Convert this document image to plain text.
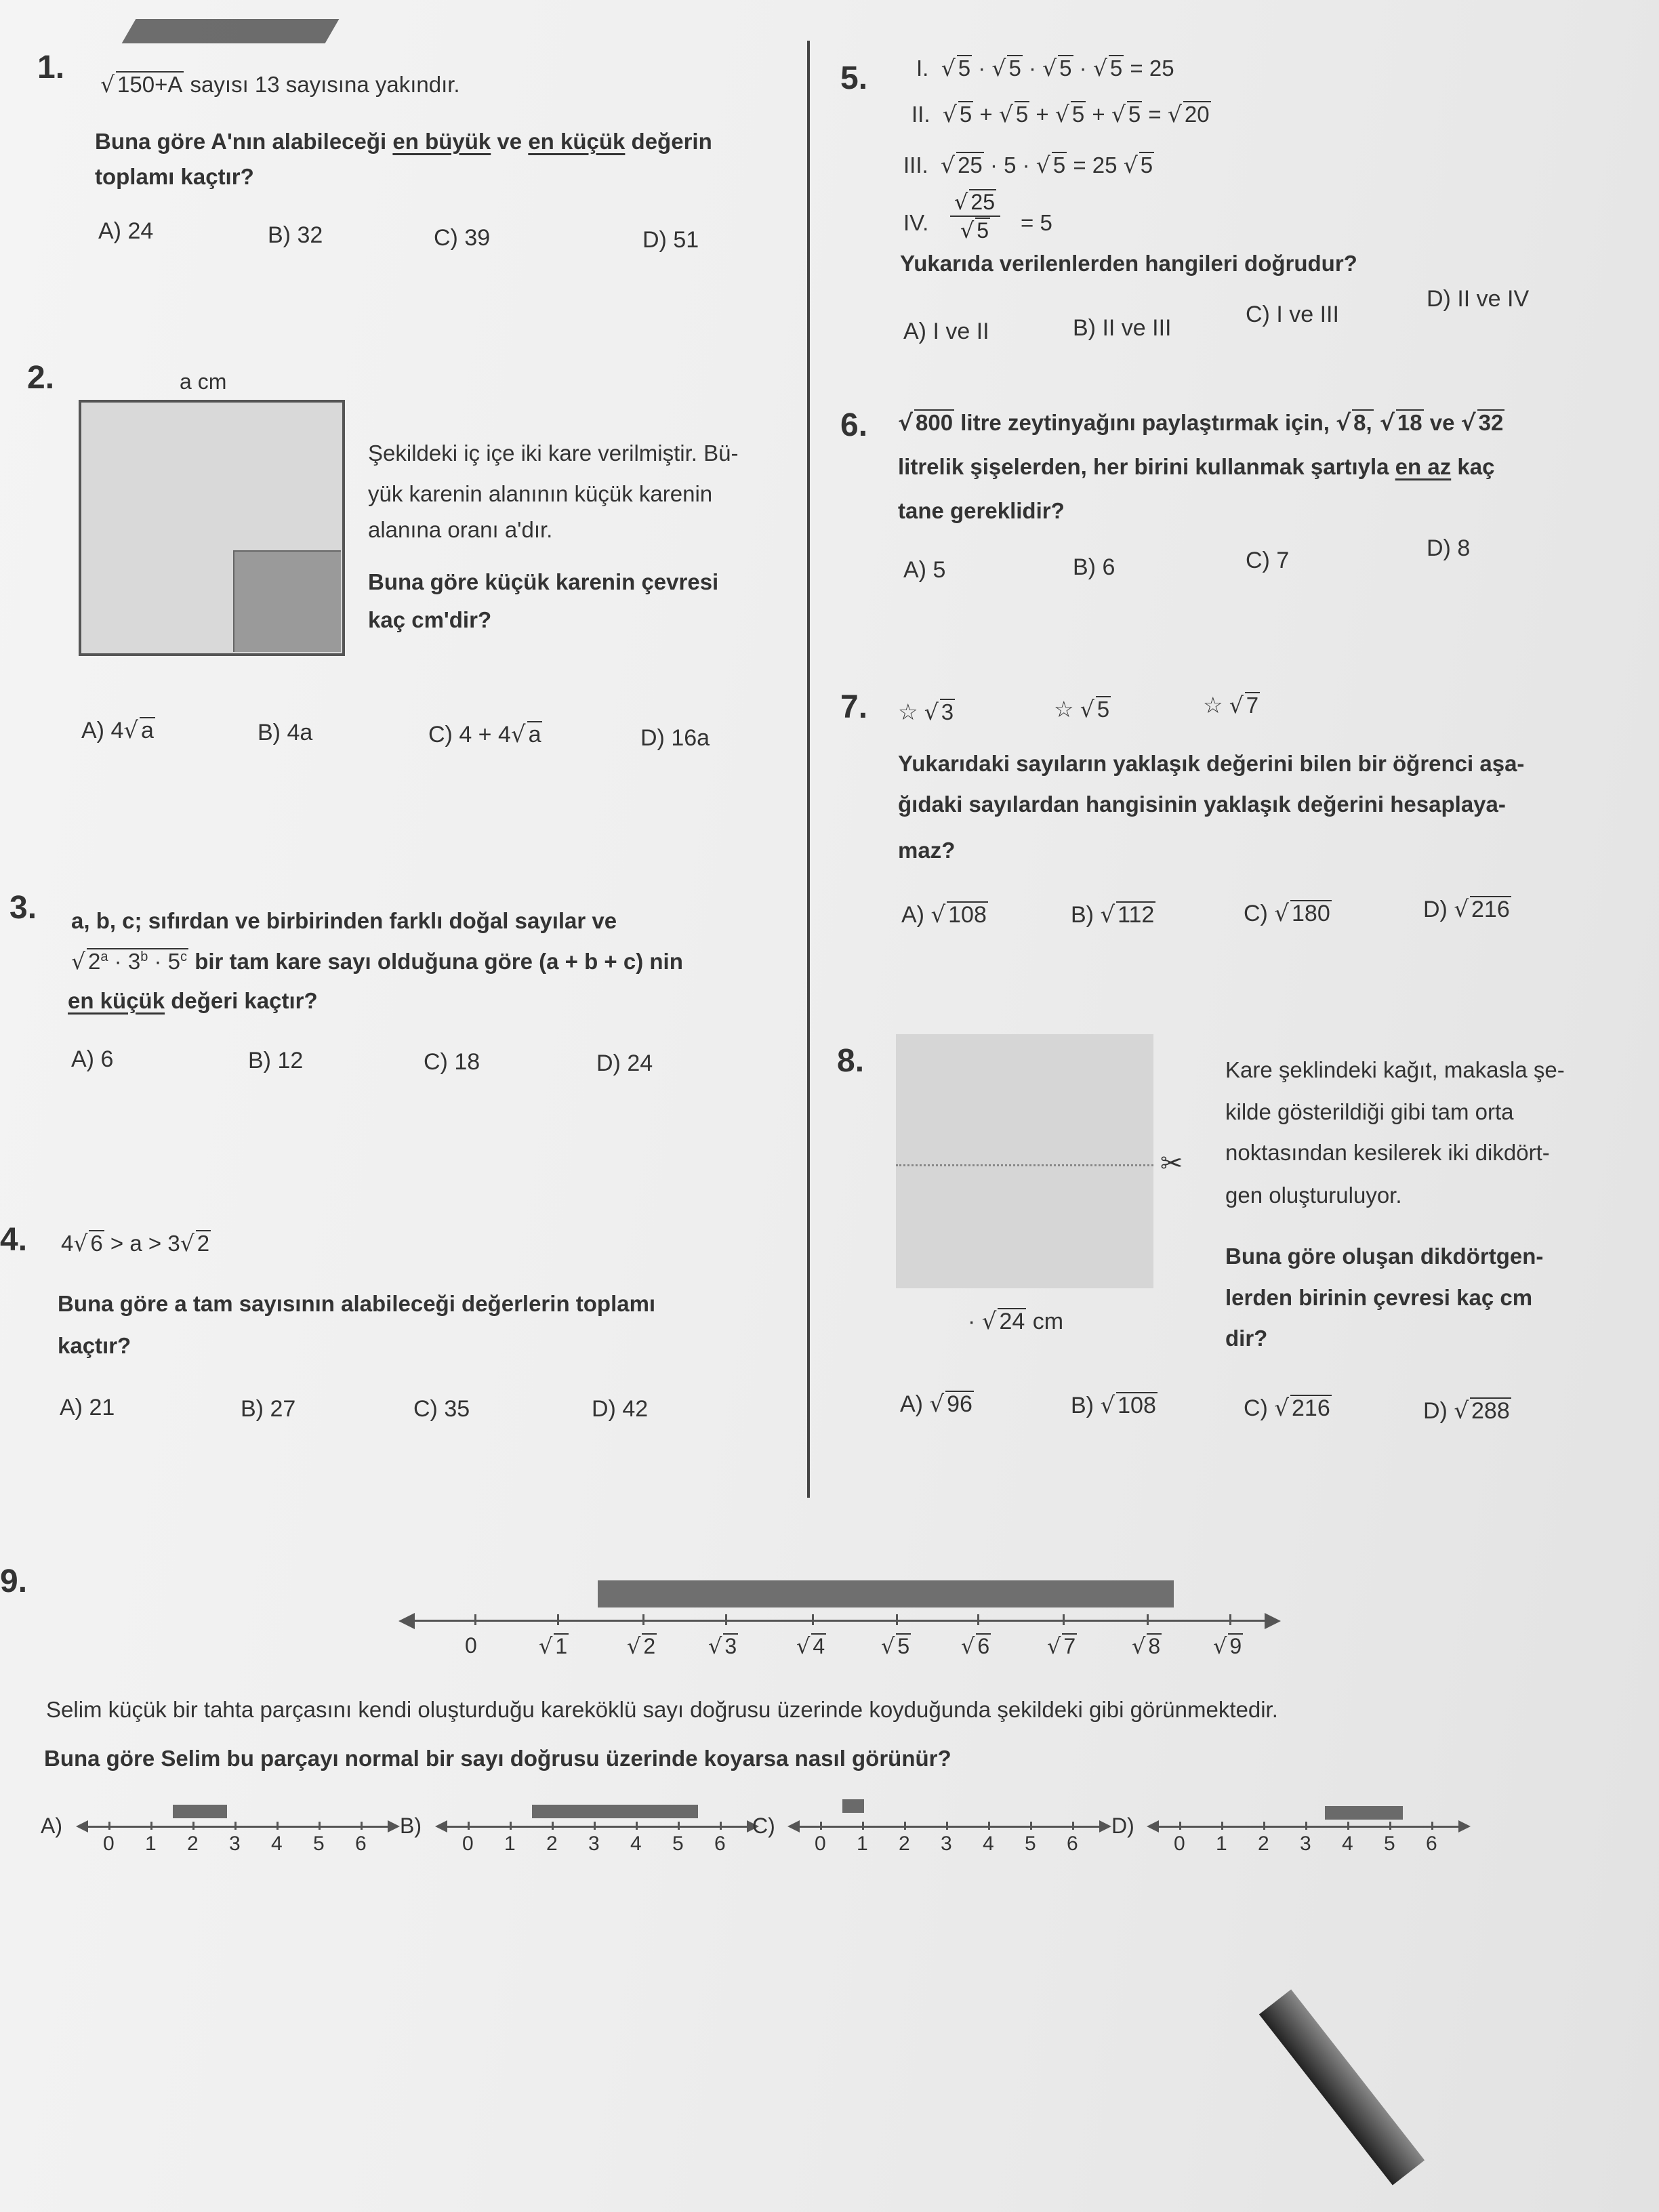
1. √ 150+A sayısı 13 sayısına yakındır.
Buna göre A'nın alabileceği en büyük ve en küçük değerin
toplamı kaçtır?
A) 24	B) 32	C) 39	D) 51
2.	a cm
Şekildeki iç içe iki kare verilmiştir. Bü-
yük karenin alanının küçük karenin
alanına oranı a'dır.
Buna göre küçük karenin çevresi
kaç cm'dir?
A) 4√ a	B) 4a	C) 4 + 4√ a	D) 16a
3. a, b, c; sıfırdan ve birbirinden farklı doğal sayılar ve
√ $2^a \cdot 3^b \cdot 5^c$ bir tam kare sayı olduğuna göre (a + b + c) nin
en küçük değeri kaçtır?
A) 6	B) 12	C) 18	D) 24
4. 4√ 6 > a > 3√ 2
Buna göre a tam sayısının alabileceği değerlerin toplamı
kaçtır?
A) 21	B) 27	C) 35	D) 42
5. I. √ 5 · √ 5 · √ 5 · √ 5 = 25
II. √ 5 + √ 5 + √ 5 + √ 5 = √ 20
III. √ 25 · 5 · √ 5 = 25 √ 5
IV.
√ 25
√ 5	= 5
Yukarıda verilenlerden hangileri doğrudur?
A) I ve II	B) II ve III
C) I ve III
D) II ve IV
6. √ 800 litre zeytinyağını paylaştırmak için, √ 8, √ 18 ve √ 32
litrelik şişelerden, her birini kullanmak şartıyla en az kaç
tane gereklidir?
A) 5	B) 6	C) 7	D) 8
7. ☆ √ 3	☆ √ 5	☆ √ 7
Yukarıdaki sayıların yaklaşık değerini bilen bir öğrenci aşa-
ğıdaki sayılardan hangisinin yaklaşık değerini hesaplaya-
maz?
A) √ 108	B) √ 112	C) √ 180	D) √ 216
8.
✂
· √ 24 cm
Kare şeklindeki kağıt, makasla şe-
kilde gösterildiği gibi tam orta
noktasından kesilerek iki dikdört-
gen oluşturuluyor.
Buna göre oluşan dikdörtgen-
lerden birinin çevresi kaç cm
dir?
A) √ 96	B) √ 108	C) √ 216	D) √ 288
9.
0	√ 1	√ 2 √ 3	√ 4	√ 5 √ 6	√ 7	√ 8 √ 9
Selim küçük bir tahta parçasını kendi oluşturduğu kareköklü sayı doğrusu üzerinde koyduğunda şekildeki gibi görünmektedir.
Buna göre Selim bu parçayı normal bir sayı doğrusu üzerinde koyarsa nasıl görünür?
A)
0 1 2 3 4 5 6
B)
0 1 2 3 4 5 6
C)
0 1 2 3 4 5 6
D)
0 1 2 3 4 5 6
